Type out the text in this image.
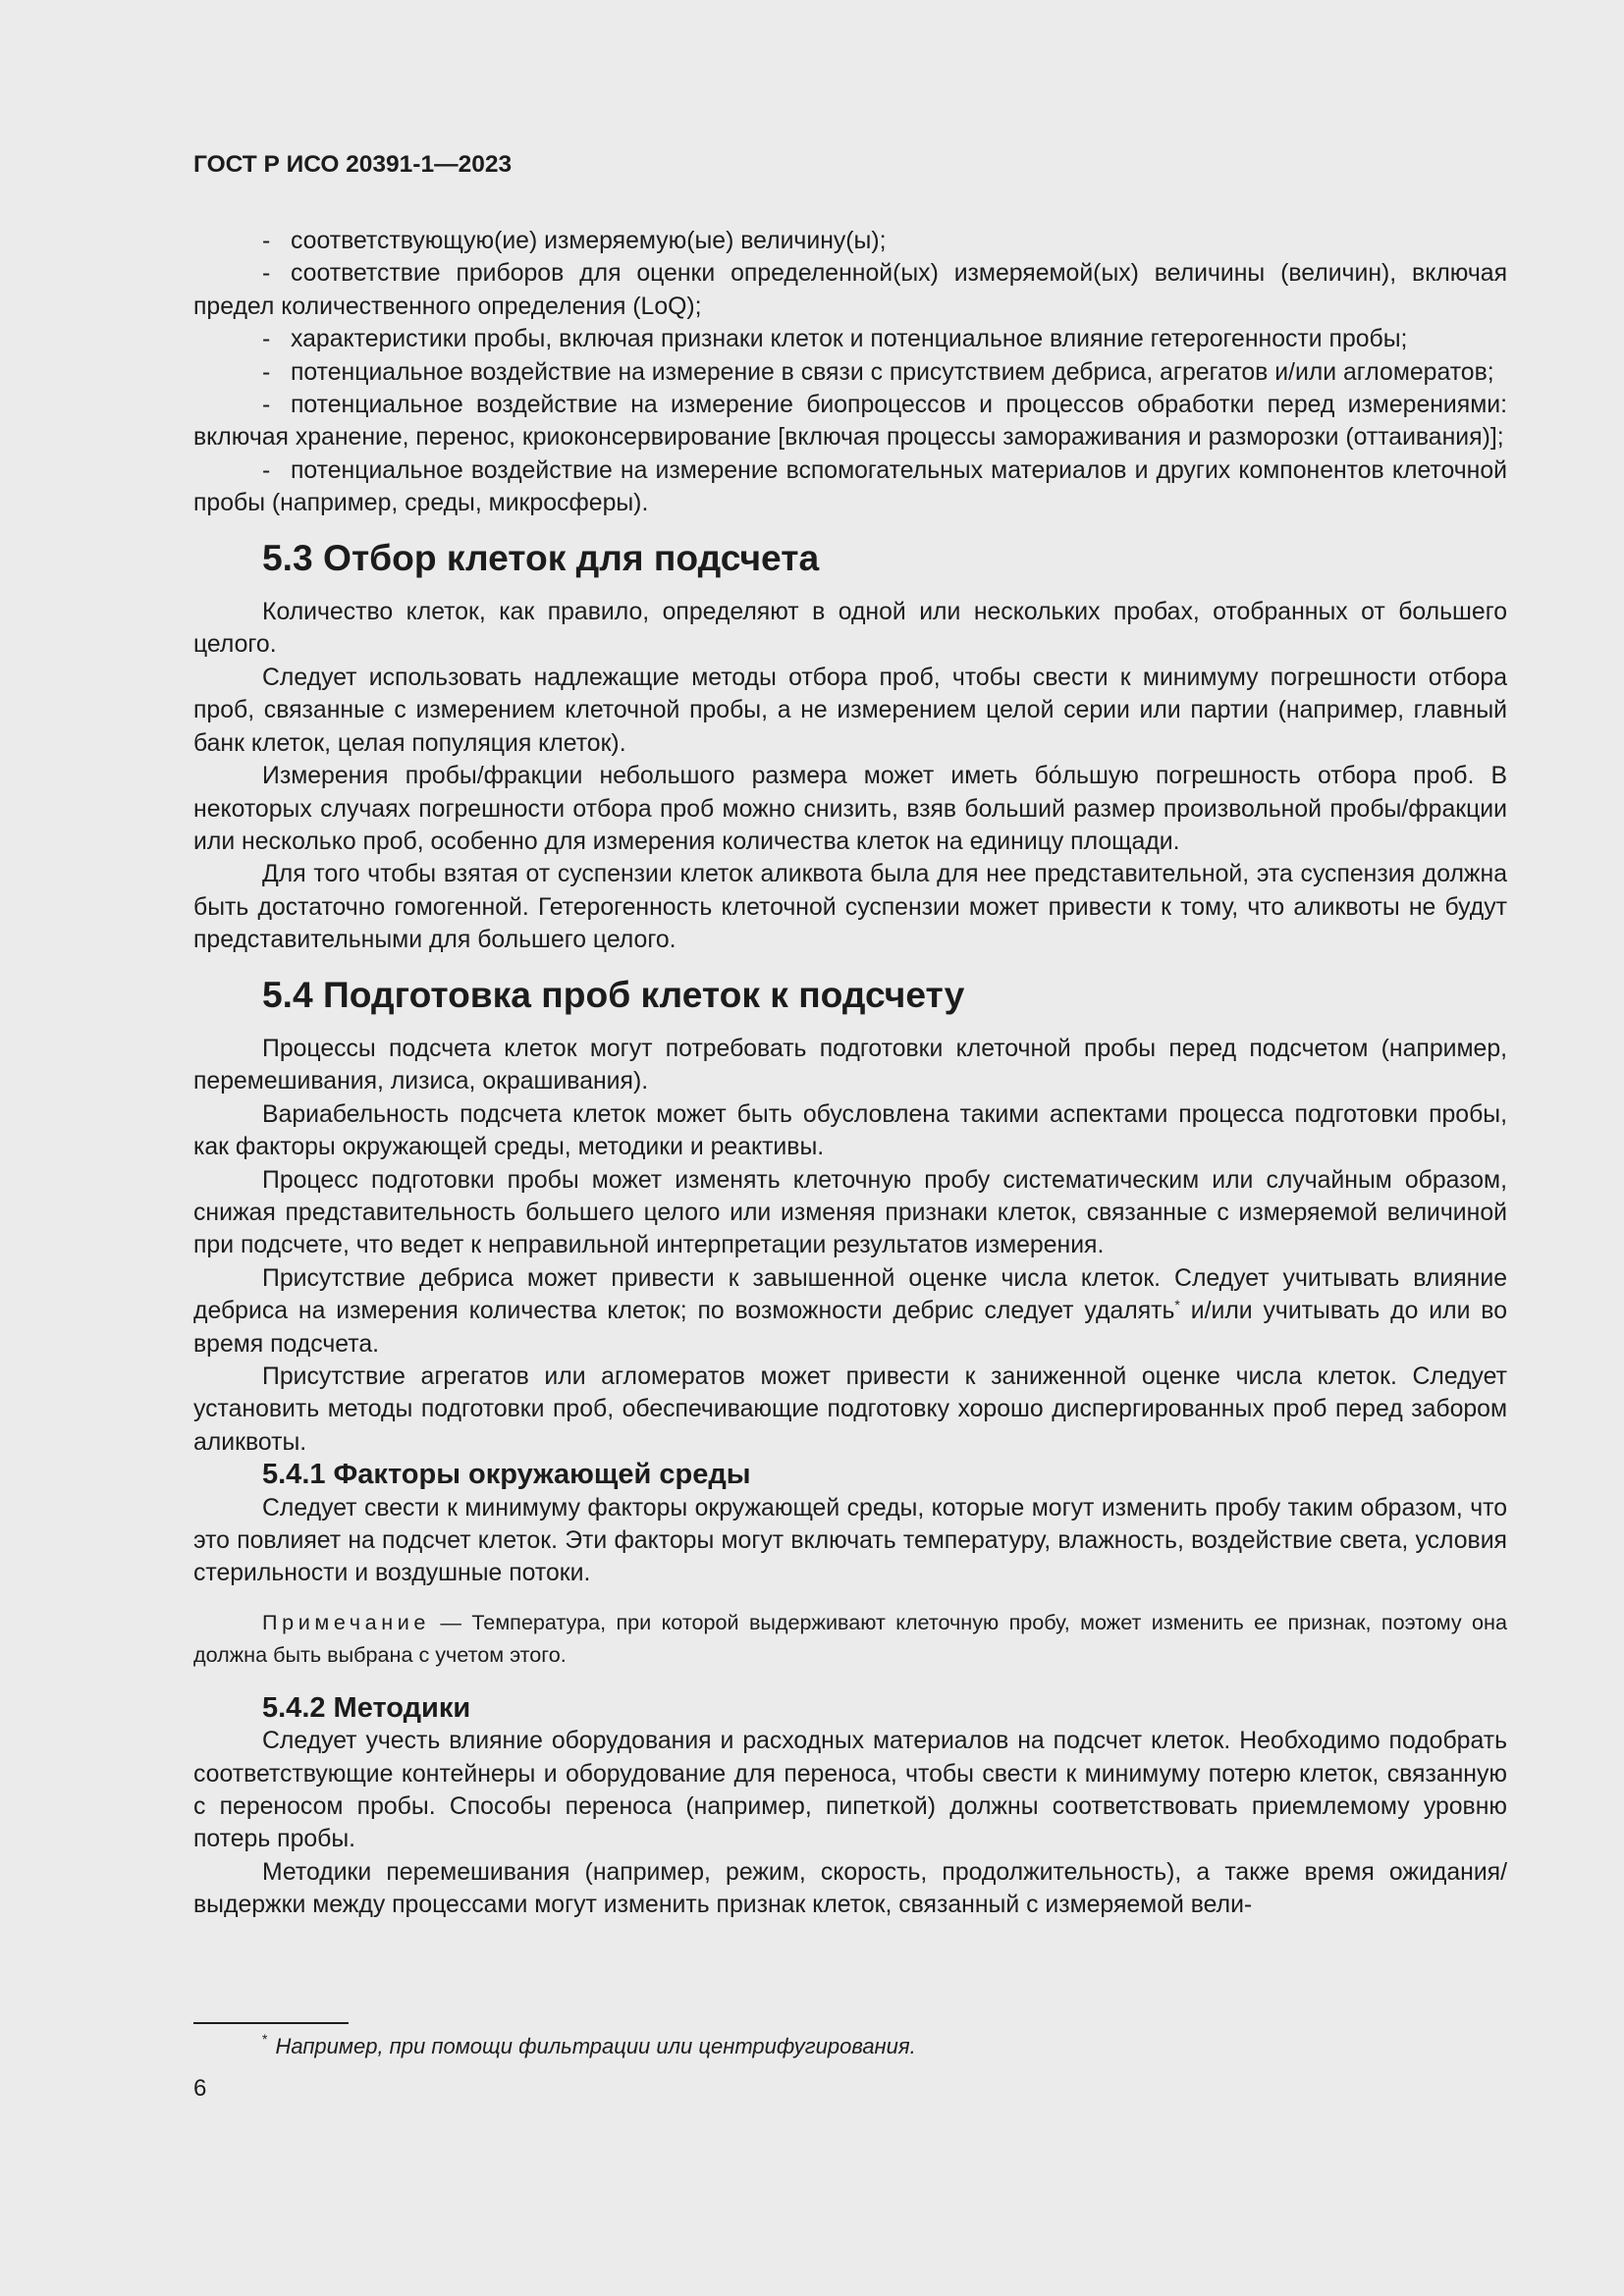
ГОСТ Р ИСО 20391-1—2023

- соответствующую(ие) измеряемую(ые) величину(ы);

- соответствие приборов для оценки определенной(ых) измеряемой(ых) величины (величин), включая предел количественного определения (LoQ);

- характеристики пробы, включая признаки клеток и потенциальное влияние гетерогенности пробы;

- потенциальное воздействие на измерение в связи с присутствием дебриса, агрегатов и/или агломератов;

- потенциальное воздействие на измерение биопроцессов и процессов обработки перед измерениями: включая хранение, перенос, криоконсервирование [включая процессы замораживания и разморозки (оттаивания)];

- потенциальное воздействие на измерение вспомогательных материалов и других компонентов клеточной пробы (например, среды, микросферы).

5.3 Отбор клеток для подсчета

Количество клеток, как правило, определяют в одной или нескольких пробах, отобранных от большего целого.

Следует использовать надлежащие методы отбора проб, чтобы свести к минимуму погрешности отбора проб, связанные с измерением клеточной пробы, а не измерением целой серии или партии (например, главный банк клеток, целая популяция клеток).

Измерения пробы/фракции небольшого размера может иметь бо́льшую погрешность отбора проб. В некоторых случаях погрешности отбора проб можно снизить, взяв больший размер произвольной пробы/фракции или несколько проб, особенно для измерения количества клеток на единицу площади.

Для того чтобы взятая от суспензии клеток аликвота была для нее представительной, эта суспензия должна быть достаточно гомогенной. Гетерогенность клеточной суспензии может привести к тому, что аликвоты не будут представительными для большего целого.

5.4 Подготовка проб клеток к подсчету

Процессы подсчета клеток могут потребовать подготовки клеточной пробы перед подсчетом (например, перемешивания, лизиса, окрашивания).

Вариабельность подсчета клеток может быть обусловлена такими аспектами процесса подготовки пробы, как факторы окружающей среды, методики и реактивы.

Процесс подготовки пробы может изменять клеточную пробу систематическим или случайным образом, снижая представительность большего целого или изменяя признаки клеток, связанные с измеряемой величиной при подсчете, что ведет к неправильной интерпретации результатов измерения.

Присутствие дебриса может привести к завышенной оценке числа клеток. Следует учитывать влияние дебриса на измерения количества клеток; по возможности дебрис следует удалять* и/или учитывать до или во время подсчета.

Присутствие агрегатов или агломератов может привести к заниженной оценке числа клеток. Следует установить методы подготовки проб, обеспечивающие подготовку хорошо диспергированных проб перед забором аликвоты.

5.4.1 Факторы окружающей среды

Следует свести к минимуму факторы окружающей среды, которые могут изменить пробу таким образом, что это повлияет на подсчет клеток. Эти факторы могут включать температуру, влажность, воздействие света, условия стерильности и воздушные потоки.

Примечание — Температура, при которой выдерживают клеточную пробу, может изменить ее признак, поэтому она должна быть выбрана с учетом этого.

5.4.2 Методики

Следует учесть влияние оборудования и расходных материалов на подсчет клеток. Необходимо подобрать соответствующие контейнеры и оборудование для переноса, чтобы свести к минимуму потерю клеток, связанную с переносом пробы. Способы переноса (например, пипеткой) должны соответствовать приемлемому уровню потерь пробы.

Методики перемешивания (например, режим, скорость, продолжительность), а также время ожидания/выдержки между процессами могут изменить признак клеток, связанный с измеряемой вели-

* Например, при помощи фильтрации или центрифугирования.
6
